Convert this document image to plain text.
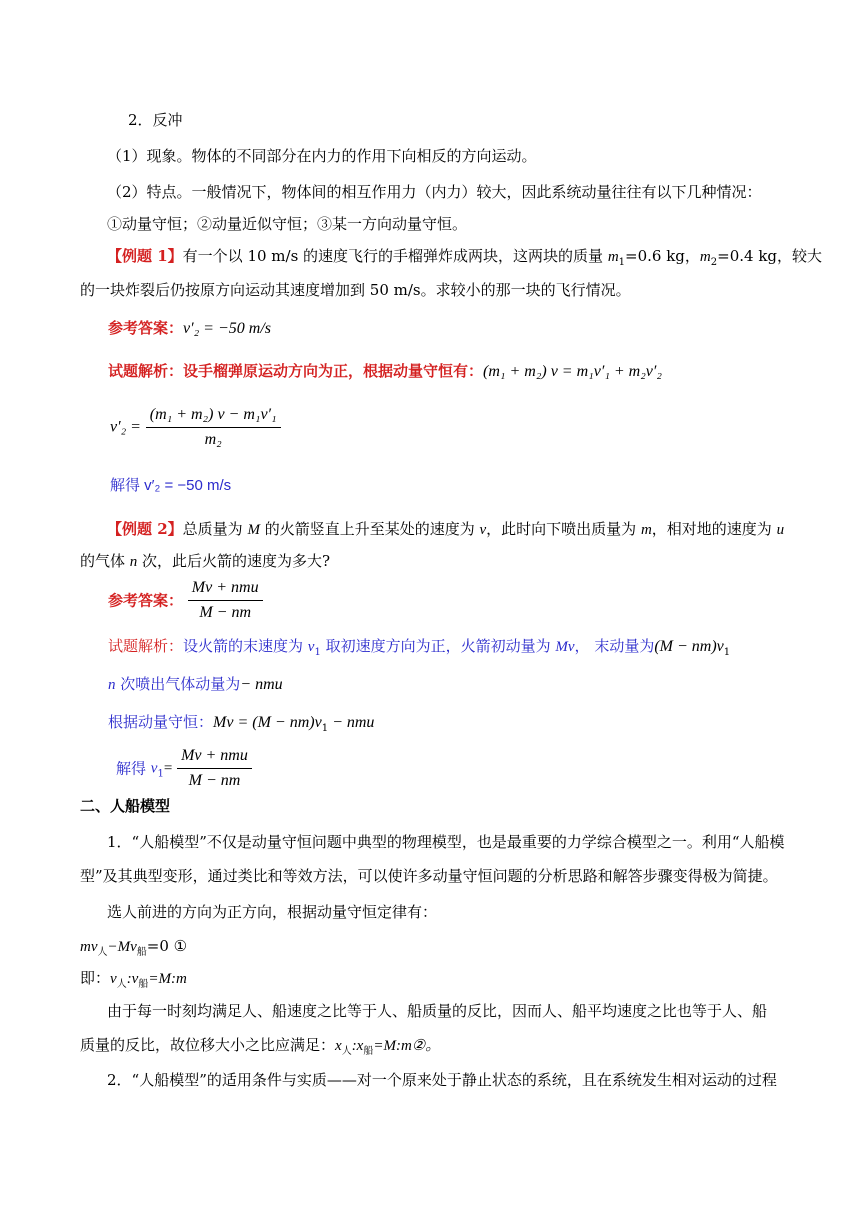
2．反冲
（1）现象。物体的不同部分在内力的作用下向相反的方向运动。
（2）特点。一般情况下，物体间的相互作用力（内力）较大，因此系统动量往往有以下几种情况：
①动量守恒；②动量近似守恒；③某一方向动量守恒。
【例题 1】有一个以 10 m/s 的速度飞行的手榴弹炸成两块，这两块的质量 $m_1=0.6$ kg，$m_2=0.4$ kg，较大
的一块炸裂后仍按原方向运动其速度增加到 50 m/s。求较小的那一块的飞行情况。
参考答案：v′₂ = −50 m/s
试题解析：设手榴弹原运动方向为正，根据动量守恒有：(m₁ + m₂) v = m₁v′₁ + m₂v′₂
$v'_2 = \frac{\text{(m₁ + m₂) v − m₁v′₁}}{\text{m₂}}$
解得 v′₂ = −50 m/s
【例题 2】总质量为 M 的火箭竖直上升至某处的速度为 v，此时向下喷出质量为 m，相对地的速度为 u
的气体 n 次，此后火箭的速度为多大?
参考答案： $\frac{\text{Mv + nmu}}{M - nm}$
试题解析：设火箭的末速度为 $v_1$ 取初速度方向为正，火箭初动量为 Mv， 末动量为$(M - nm)v_1$
n 次喷出气体动量为− nmu
根据动量守恒：$Mv = (M - nm)v_1$ − nmu
解得 $v_1= \frac{\text{Mv + nmu}}{M - nm}$
二、人船模型
1．“人船模型”不仅是动量守恒问题中典型的物理模型，也是最重要的力学综合模型之一。利用“人船模
型”及其典型变形，通过类比和等效方法，可以使许多动量守恒问题的分析思路和解答步骤变得极为简捷。
选人前进的方向为正方向，根据动量守恒定律有：
$mv_人-Mv_船=0$ ①
即：$v_人:v_船=M:m$
由于每一时刻均满足人、船速度之比等于人、船质量的反比，因而人、船平均速度之比也等于人、船
质量的反比，故位移大小之比应满足：$x_人:x_船=M:m②$。
2．“人船模型”的适用条件与实质——对一个原来处于静止状态的系统，且在系统发生相对运动的过程
